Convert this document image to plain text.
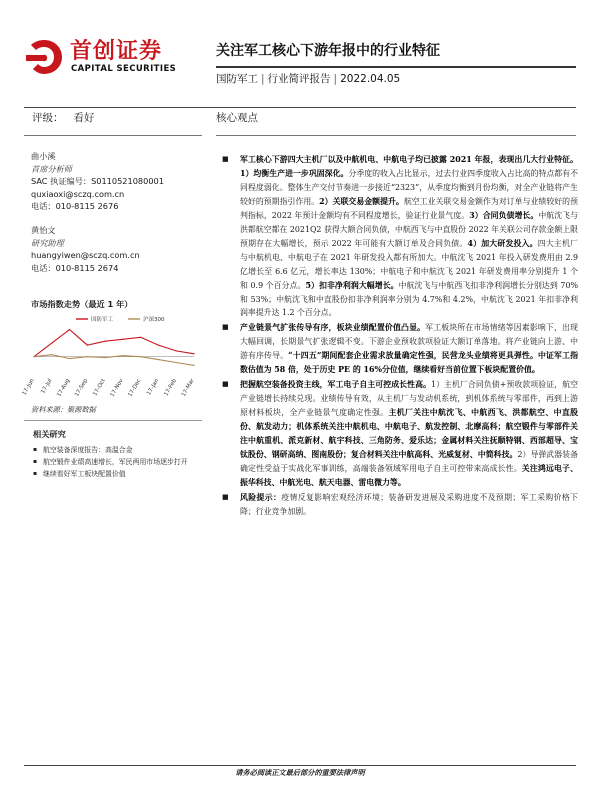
首创证券
CAPITAL SECURITIES
关注军工核心下游年报中的行业特征
国防军工 | 行业简评报告 | 2022.04.05
评级： 看好
曲小溪
首席分析师
SAC 执证编号：S0110521080001
quxiaoxi@sczq.com.cn
电话：010-8115 2676
黄怡文
研究助理
huangyiwen@sczq.com.cn
电话：010-8115 2674
市场指数走势（最近 1 年）
17-Jun 17-Jul 17-Aug 17-Sep 17-Oct 17-Nov 17-Dec 17-Jan 17-Feb 17-Mar
国防军工	沪深300
资料来源：聚源数据
相关研究
▪ 航空装备深度报告：高温合金
▪ 航空锻件业绩高速增长，军民两用市场逐步打开
▪ 继续看好军工板块配置价值
核心观点
■ 军工核心下游四大主机厂以及中航机电、中航电子均已披露 2021 年报，表现出几大行业特征。1）均衡生产进一步巩固深化。分季度的收入占比显示，过去行业四季度收入占比高的特点都有不同程度弱化。整体生产交付节奏进一步接近“2323”，从季度均衡到月份均衡，对全产业链将产生较好的预期指引作用。2）关联交易金额提升。航空工业关联交易金额作为对订单与业绩较好的预判指标，2022 年预计金额均有不同程度增长，验证行业景气度。3）合同负债增长。中航沈飞与洪都航空都在 2021Q2 获得大额合同负债，中航西飞与中直股份 2022 年关联公司存款金额上限预期存在大幅增长，预示 2022 年可能有大额订单及合同负债。4）加大研发投入。四大主机厂与中航机电、中航电子在 2021 年研发投入都有所加大。中航沈飞 2021 年投入研发费用由 2.9 亿增长至 6.6 亿元，增长率达 130%；中航电子和中航沈飞 2021 年研发费用率分别提升 1 个和 0.9 个百分点。5）扣非净利润大幅增长。中航沈飞与中航西飞扣非净利润增长分别达到 70%和 53%；中航沈飞和中直股份扣非净利润率分别为 4.7%和 4.2%，中航沈飞 2021 年扣非净利润率提升达 1.2 个百分点。
■ 产业链景气扩张传导有序，板块业绩配置价值凸显。军工板块所在市场情绪等因素影响下，出现大幅回调，长期景气扩张逻辑不变。下游企业预收款项验证大额订单落地。将产业链向上游、中游有序传导。“十四五”期间配套企业需求放量确定性强，民营龙头业绩将更具弹性。中证军工指数估值为 58 倍，处于历史 PE 的 16%分位值，继续看好当前位置下板块配置价值。
■ 把握航空装备投资主线，军工电子自主可控成长性高。1）主机厂合同负债+预收款项验证，航空产业链增长持续兑现。业绩传导有效，从主机厂与发动机系统，到机体系统与零部件，再到上游原材料板块，全产业链景气度确定性强。主机厂关注中航沈飞、中航西飞、洪都航空、中直股份、航发动力；机体系统关注中航机电、中航电子、航发控制、北摩高科；航空锻件与零部件关注中航重机、派克新材、航宇科技、三角防务、爱乐达；金属材料关注抚顺特钢、西部超导、宝钛股份、钢研高纳、图南股份；复合材料关注中航高科、光威复材、中简科技。2）导弹武器装备确定性受益于实战化军事训练，高端装备领域军用电子自主可控带来高成长性。关注鸿远电子、振华科技、中航光电、航天电器、雷电微力等。
■ 风险提示：疫情反复影响宏观经济环境；装备研发进展及采购进度不及预期；军工采购价格下降；行业竞争加剧。
请务必阅读正文最后部分的重要法律声明
